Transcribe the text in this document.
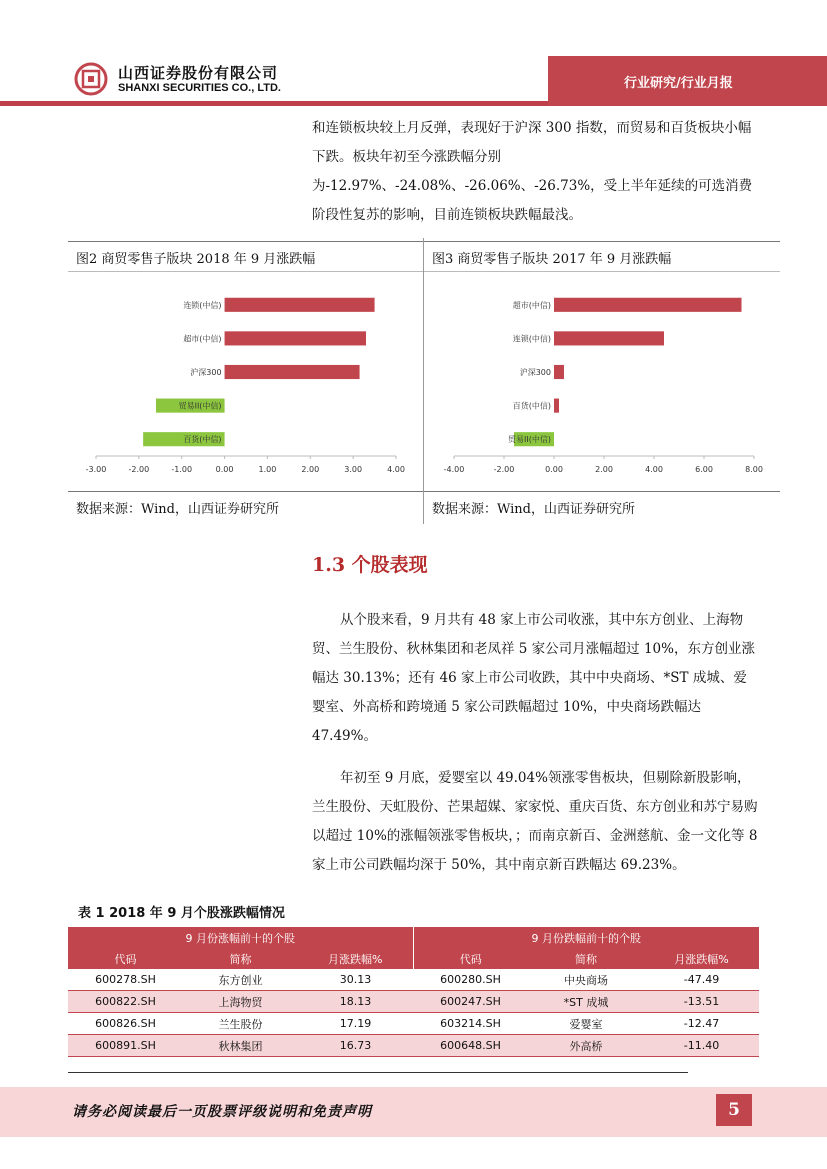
山西证券股份有限公司
SHANXI SECURITIES CO., LTD.	行业研究/行业月报
和连锁板块较上月反弹，表现好于沪深 300 指数，而贸易和百货板块小幅下跌。板块年初至今涨跌幅分别为-12.97%、-24.08%、-26.06%、-26.73%，受上半年延续的可选消费阶段性复苏的影响，目前连锁板块跌幅最浅。
图2 商贸零售子版块 2018 年 9 月涨跌幅	图3 商贸零售子版块 2017 年 9 月涨跌幅
-3.00	-2.00	-1.00	0.00	1.00	2.00	3.00	4.00
连锁(中信)
超市(中信)
沪深300
贸易II(中信)
百货(中信)
-4.00	-2.00	0.00	2.00	4.00	6.00	8.00
超市(中信)
连锁(中信)
沪深300
百货(中信)
贸易II(中信)
数据来源：Wind，山西证券研究所	数据来源：Wind，山西证券研究所
1.3 个股表现
从个股来看，9 月共有 48 家上市公司收涨，其中东方创业、上海物贸、兰生股份、秋林集团和老凤祥 5 家公司月涨幅超过 10%，东方创业涨幅达 30.13%；还有 46 家上市公司收跌，其中中央商场、*ST 成城、爱婴室、外高桥和跨境通 5 家公司跌幅超过 10%，中央商场跌幅达 47.49%。
年初至 9 月底，爱婴室以 49.04%领涨零售板块，但剔除新股影响，兰生股份、天虹股份、芒果超媒、家家悦、重庆百货、东方创业和苏宁易购以超过 10%的涨幅领涨零售板块，；而南京新百、金洲慈航、金一文化等 8 家上市公司跌幅均深于 50%，其中南京新百跌幅达 69.23%。
表 1 2018 年 9 月个股涨跌幅情况
9 月份涨幅前十的个股			9 月份跌幅前十的个股		
代码	简称	月涨跌幅%	代码	简称	月涨跌幅%
600278.SH	东方创业	30.13	600280.SH	中央商场	-47.49
600822.SH	上海物贸	18.13	600247.SH	*ST 成城	-13.51
600826.SH	兰生股份	17.19	603214.SH	爱婴室	-12.47
600891.SH	秋林集团	16.73	600648.SH	外高桥	-11.40
请务必阅读最后一页股票评级说明和免责声明	5
